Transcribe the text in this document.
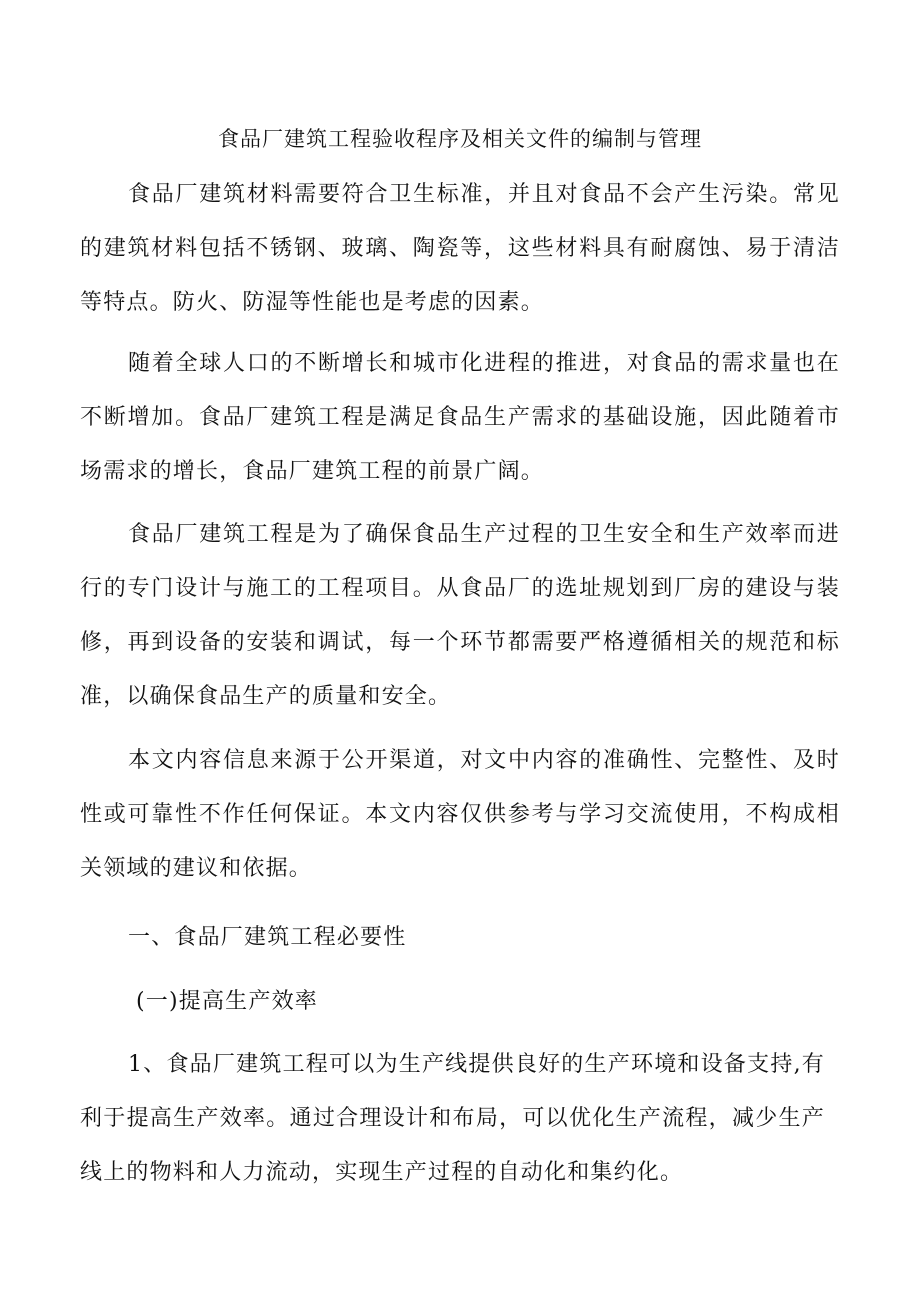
食品厂建筑工程验收程序及相关文件的编制与管理

食品厂建筑材料需要符合卫生标准，并且对食品不会产生污染。常见的建筑材料包括不锈钢、玻璃、陶瓷等，这些材料具有耐腐蚀、易于清洁等特点。防火、防湿等性能也是考虑的因素。

随着全球人口的不断增长和城市化进程的推进，对食品的需求量也在不断增加。食品厂建筑工程是满足食品生产需求的基础设施，因此随着市场需求的增长，食品厂建筑工程的前景广阔。

食品厂建筑工程是为了确保食品生产过程的卫生安全和生产效率而进行的专门设计与施工的工程项目。从食品厂的选址规划到厂房的建设与装修，再到设备的安装和调试，每一个环节都需要严格遵循相关的规范和标准，以确保食品生产的质量和安全。

本文内容信息来源于公开渠道，对文中内容的准确性、完整性、及时性或可靠性不作任何保证。本文内容仅供参考与学习交流使用，不构成相关领域的建议和依据。

一、食品厂建筑工程必要性
(一)提高生产效率

1、食品厂建筑工程可以为生产线提供良好的生产环境和设备支持,有利于提高生产效率。通过合理设计和布局，可以优化生产流程，减少生产线上的物料和人力流动，实现生产过程的自动化和集约化。
